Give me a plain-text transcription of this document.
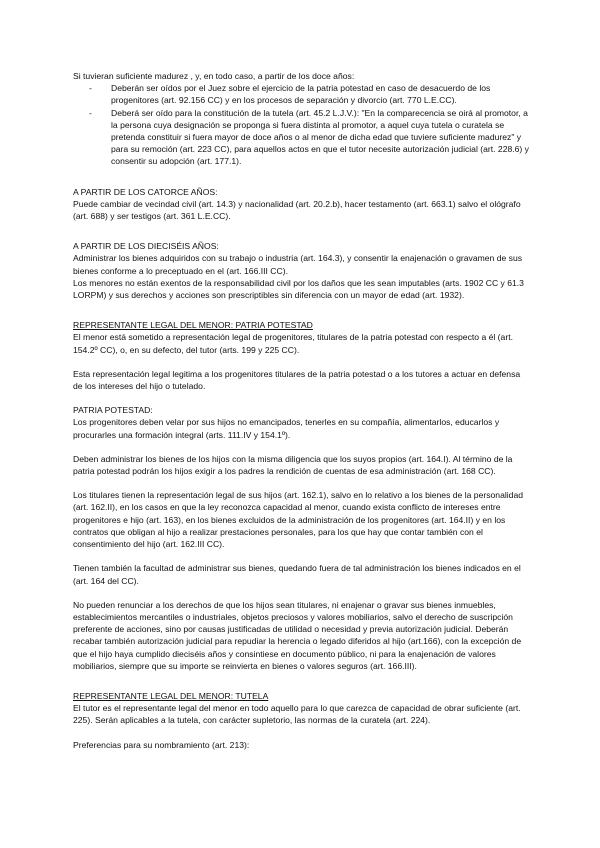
Si tuvieran suficiente madurez , y, en todo caso, a partir de los doce años:

- Deberán ser oídos por el Juez sobre el ejercicio de la patria potestad en caso de desacuerdo de los progenitores (art. 92.156 CC) y en los procesos de separación y divorcio (art. 770 L.E.CC).
- Deberá ser oído para la constitución de la tutela (art. 45.2 L.J.V.): "En la comparecencia se oirá al promotor, a la persona cuya designación se proponga si fuera distinta al promotor, a aquel cuya tutela o curatela se pretenda constituir si fuera mayor de doce años o al menor de dicha edad que tuviere suficiente madurez" y para su remoción (art. 223 CC), para aquellos actos en que el tutor necesite autorización judicial (art. 228.6) y consentir su adopción (art. 177.1).

A PARTIR DE LOS CATORCE AÑOS:

Puede cambiar de vecindad civil (art. 14.3) y nacionalidad (art. 20.2.b), hacer testamento (art. 663.1) salvo el ológrafo (art. 688) y ser testigos (art. 361 L.E.CC).

A PARTIR DE LOS DIECISÉIS AÑOS:

Administrar los bienes adquiridos con su trabajo o industria (art. 164.3), y consentir la enajenación o gravamen de sus bienes conforme a lo preceptuado en el (art. 166.III CC).

Los menores no están exentos de la responsabilidad civil por los daños que les sean imputables (arts. 1902 CC y 61.3 LORPM) y sus derechos y acciones son prescriptibles sin diferencia con un mayor de edad (art. 1932).

REPRESENTANTE LEGAL DEL MENOR: PATRIA POTESTAD

El menor está sometido a representación legal de progenitores, titulares de la patria potestad con respecto a él (art. 154.2º CC), o, en su defecto, del tutor (arts. 199 y 225 CC).

Esta representación legal legitima a los progenitores titulares de la patria potestad o a los tutores a actuar en defensa de los intereses del hijo o tutelado.

PATRIA POTESTAD:

Los progenitores deben velar por sus hijos no emancipados, tenerles en su compañía, alimentarlos, educarlos y procurarles una formación integral (arts. 111.IV y 154.1º).

Deben administrar los bienes de los hijos con la misma diligencia que los suyos propios (art. 164.I). Al término de la patria potestad podrán los hijos exigir a los padres la rendición de cuentas de esa administración (art. 168 CC).

Los titulares tienen la representación legal de sus hijos (art. 162.1), salvo en lo relativo a los bienes de la personalidad (art. 162.II), en los casos en que la ley reconozca capacidad al menor, cuando exista conflicto de intereses entre progenitores e hijo (art. 163), en los bienes excluidos de la administración de los progenitores (art. 164.II) y en los contratos que obligan al hijo a realizar prestaciones personales, para los que hay que contar también con el consentimiento del hijo (art. 162.III CC).

Tienen también la facultad de administrar sus bienes, quedando fuera de tal administración los bienes indicados en el (art. 164 del CC).

No pueden renunciar a los derechos de que los hijos sean titulares, ni enajenar o gravar sus bienes inmuebles, establecimientos mercantiles o industriales, objetos preciosos y valores mobiliarios, salvo el derecho de suscripción preferente de acciones, sino por causas justificadas de utilidad o necesidad y previa autorización judicial. Deberán recabar también autorización judicial para repudiar la herencia o legado diferidos al hijo (art.166), con la excepción de que el hijo haya cumplido dieciséis años y consintiese en documento público, ni para la enajenación de valores mobiliarios, siempre que su importe se reinvierta en bienes o valores seguros (art. 166.III).

REPRESENTANTE LEGAL DEL MENOR: TUTELA

El tutor es el representante legal del menor en todo aquello para lo que carezca de capacidad de obrar suficiente (art. 225). Serán aplicables a la tutela, con carácter supletorio, las normas de la curatela (art. 224).

Preferencias para su nombramiento (art. 213):
